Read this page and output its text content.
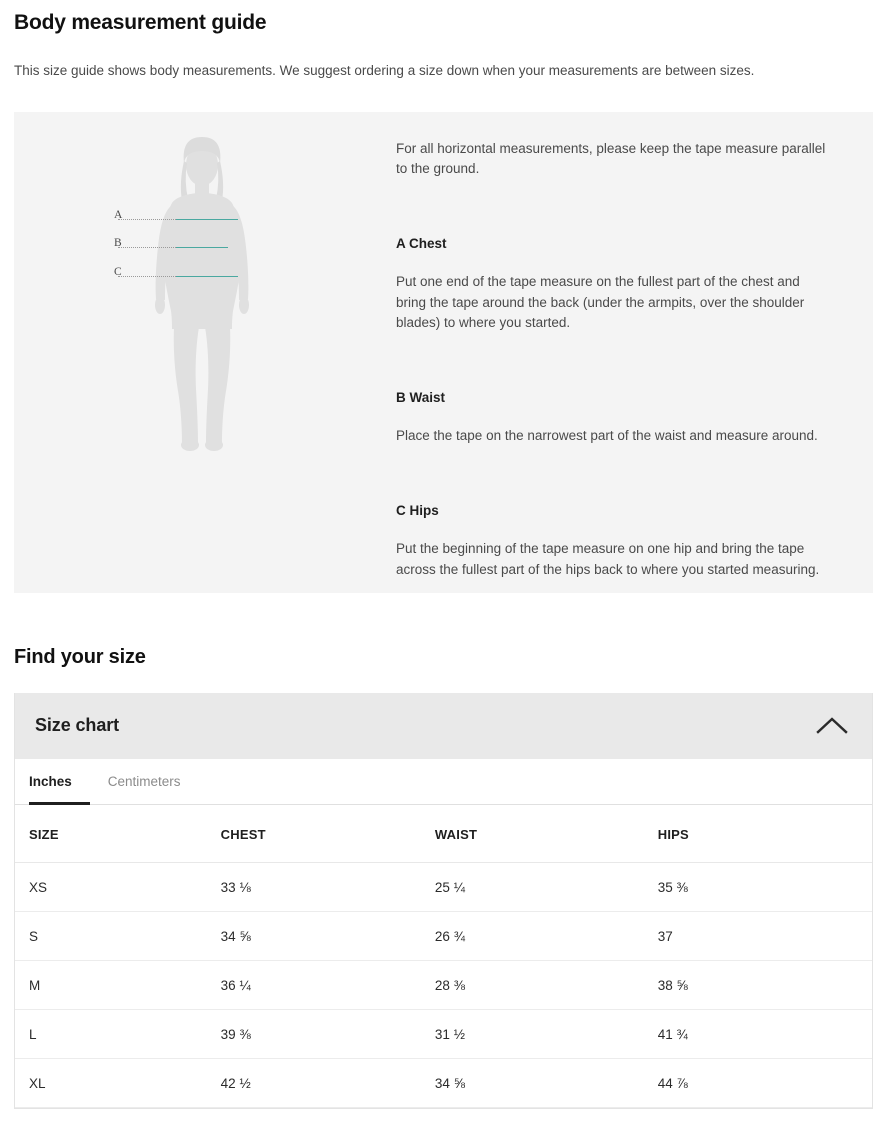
Body measurement guide

This size guide shows body measurements. We suggest ordering a size down when your measurements are between sizes.

A
B
C

For all horizontal measurements, please keep the tape measure parallel to the ground.

A Chest

Put one end of the tape measure on the fullest part of the chest and bring the tape around the back (under the armpits, over the shoulder blades) to where you started.

B Waist

Place the tape on the narrowest part of the waist and measure around.

C Hips

Put the beginning of the tape measure on one hip and bring the tape across the fullest part of the hips back to where you started measuring.

Find your size
Size chart
Inches	Centimeters
SIZE	CHEST	WAIST	HIPS
XS	33 ⅛	25 ¼	35 ⅜
S	34 ⅝	26 ¾	37
M	36 ¼	28 ⅜	38 ⅝
L	39 ⅜	31 ½	41 ¾
XL	42 ½	34 ⅝	44 ⅞
